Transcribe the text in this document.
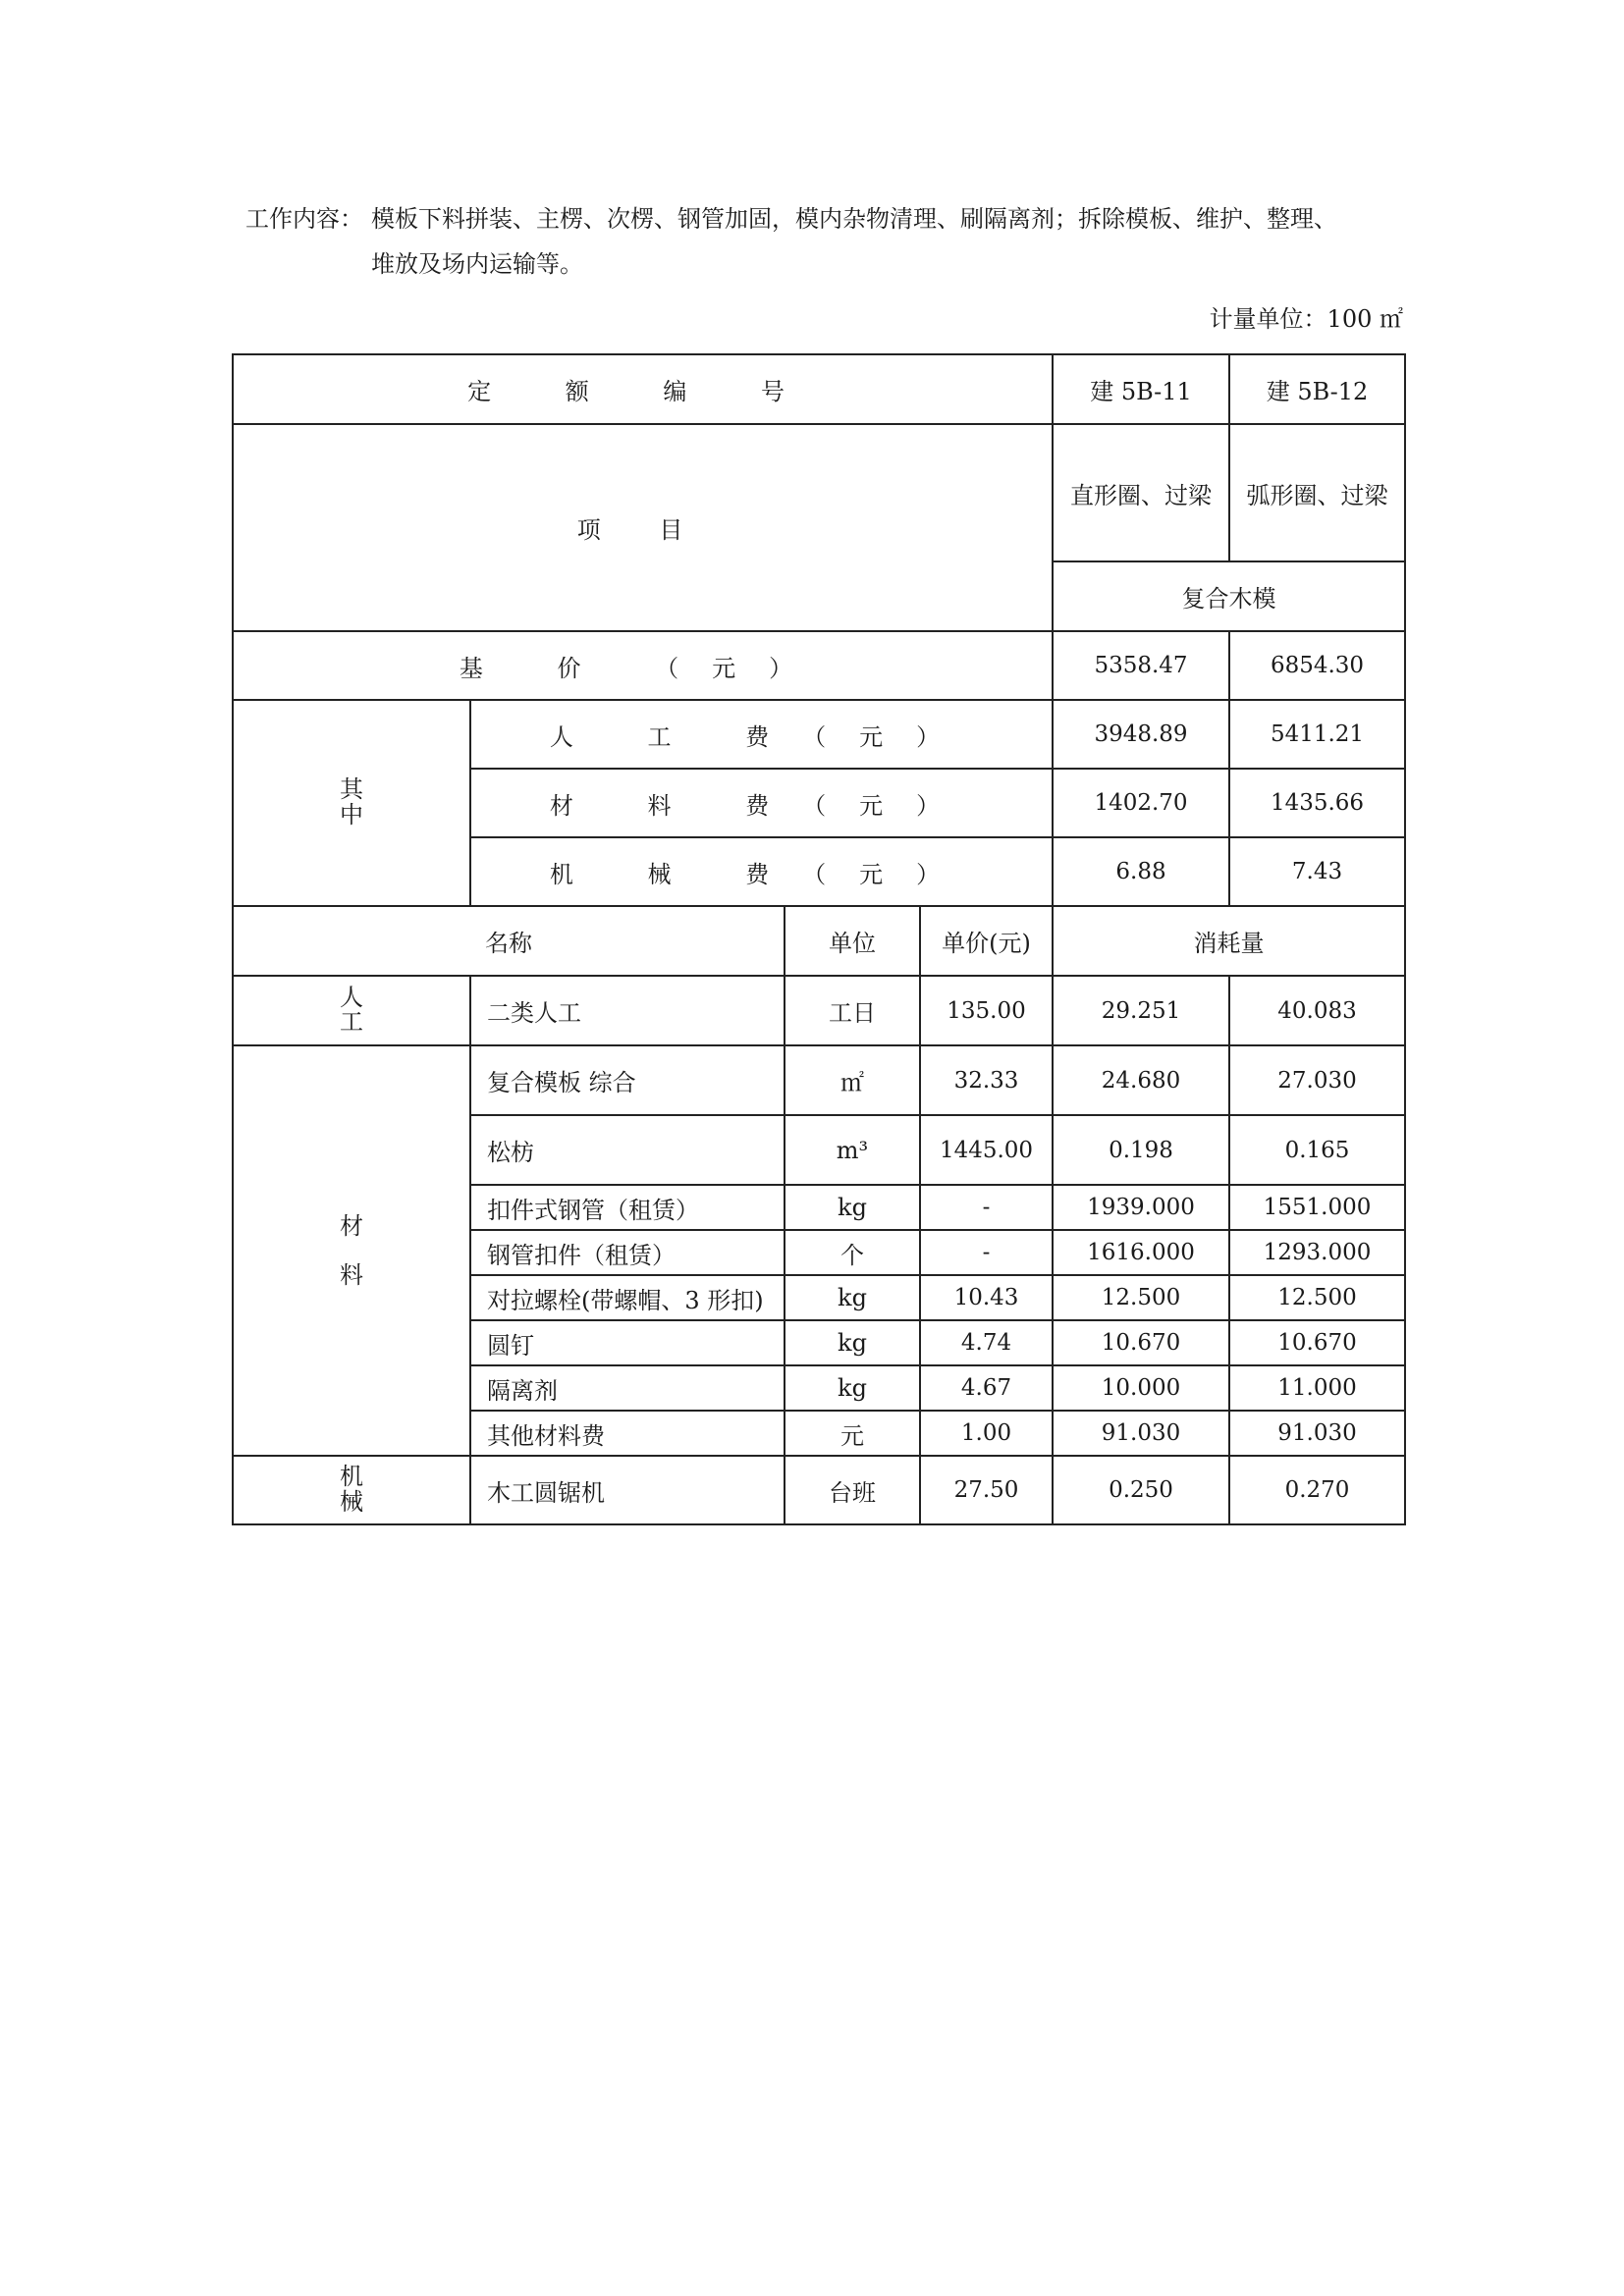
工作内容： 模板下料拼装、主楞、次楞、钢管加固，模内杂物清理、刷隔离剂；拆除模板、维护、整理、
堆放及场内运输等。
计量单位：100 ㎡
定 额 编 号				建 5B-11	建 5B-12
项 目				直形圈、过梁	弧形圈、过梁
				复合木模	
基 价 （元）				5358.47	6854.30
其中	人 工 费（元）			3948.89	5411.21
	材 料 费（元）			1402.70	1435.66
	机 械 费（元）			6.88	7.43
名称		单位	单价(元)	消耗量	
人工	二类人工	工日	135.00	29.251	40.083
材料	复合模板 综合	㎡	32.33	24.680	27.030
	松枋	m³	1445.00	0.198	0.165
	扣件式钢管（租赁）	kg	-	1939.000	1551.000
	钢管扣件（租赁）	个	-	1616.000	1293.000
	对拉螺栓(带螺帽、3 形扣)	kg	10.43	12.500	12.500
	圆钉	kg	4.74	10.670	10.670
	隔离剂	kg	4.67	10.000	11.000
	其他材料费	元	1.00	91.030	91.030
机械	木工圆锯机	台班	27.50	0.250	0.270
